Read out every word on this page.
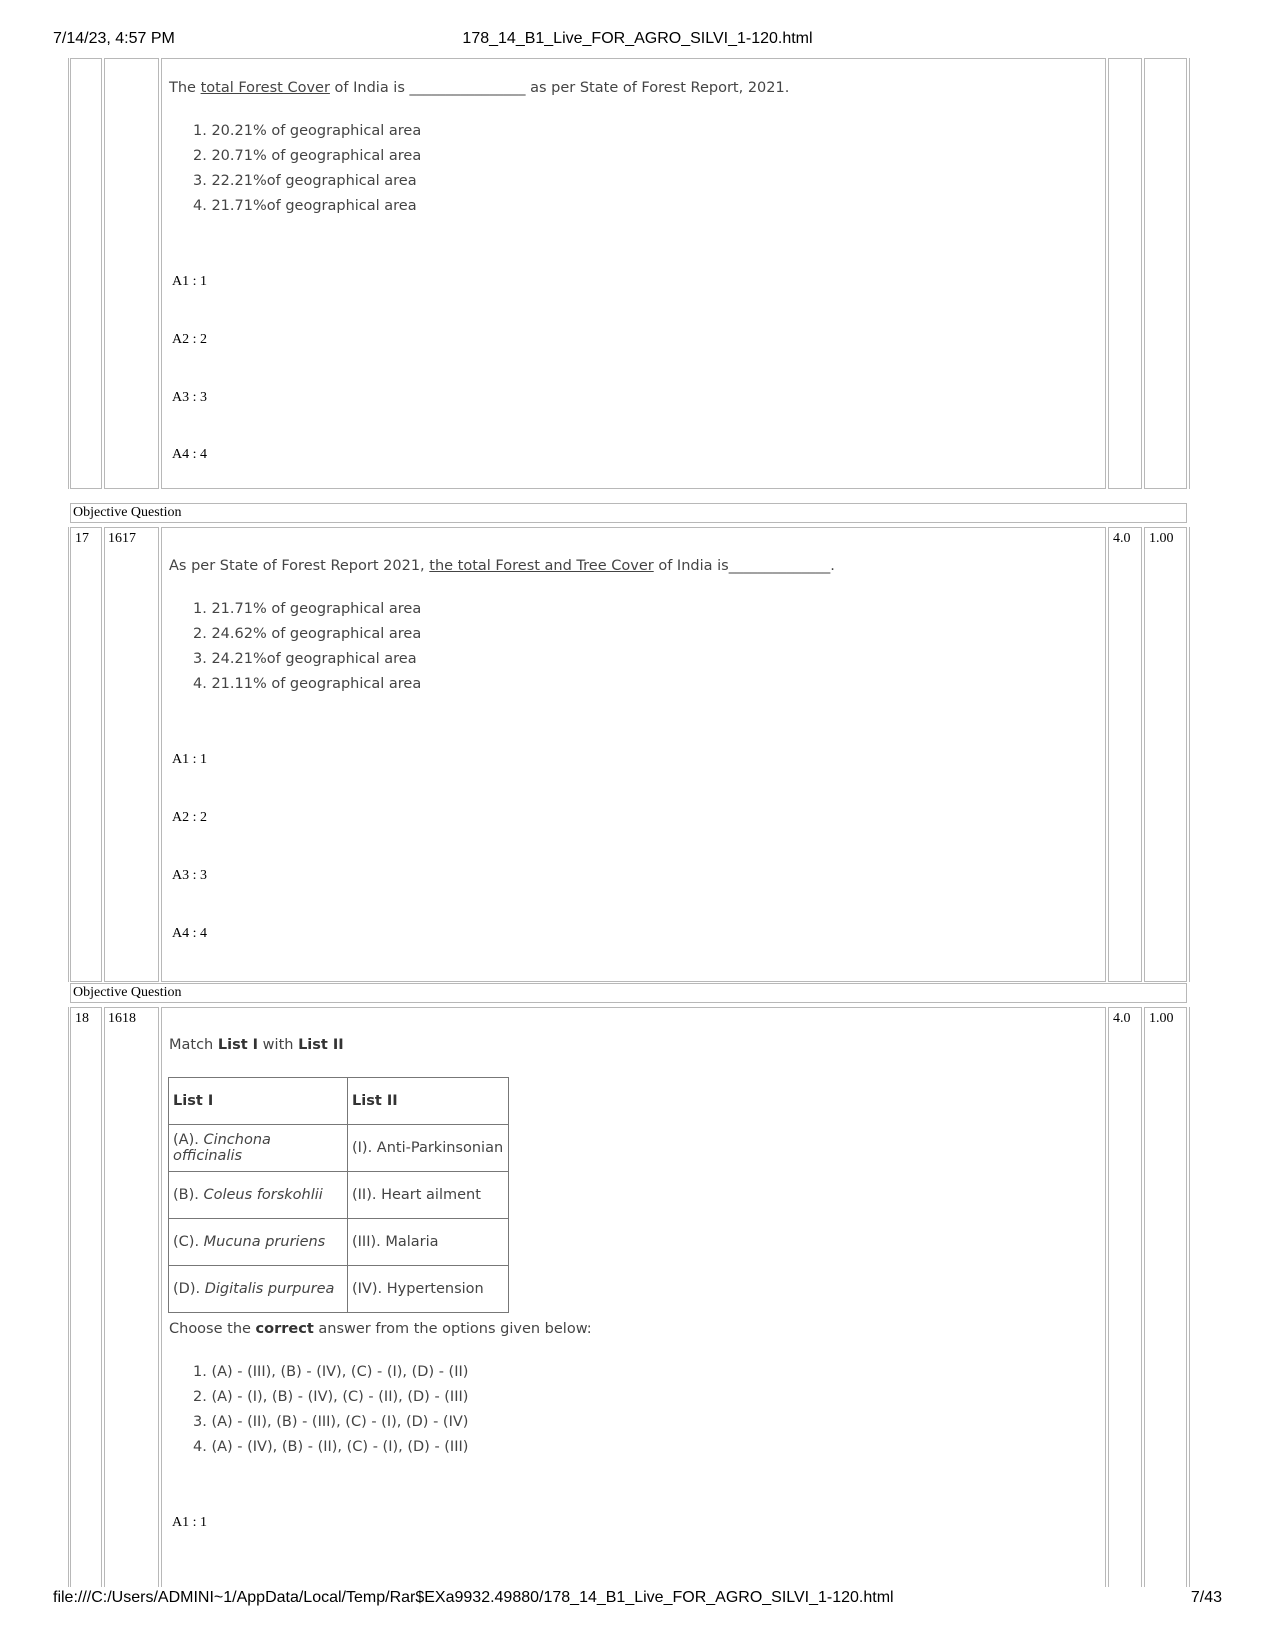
7/14/23, 4:57 PM	178_14_B1_Live_FOR_AGRO_SILVI_1-120.html
file:///C:/Users/ADMINI~1/AppData/Local/Temp/Rar$EXa9932.49880/178_14_B1_Live_FOR_AGRO_SILVI_1-120.html	7/43
The total Forest Cover of India is ________________ as per State of Forest Report, 2021.
1. 20.21% of geographical area
2. 20.71% of geographical area
3. 22.21%of geographical area
4. 21.71%of geographical area
A1 : 1
A2 : 2
A3 : 3
A4 : 4
Objective Question
17 1617	4.0 1.00
As per State of Forest Report 2021, the total Forest and Tree Cover of India is______________.
1. 21.71% of geographical area
2. 24.62% of geographical area
3. 24.21%of geographical area
4. 21.11% of geographical area
A1 : 1
A2 : 2
A3 : 3
A4 : 4
Objective Question
18 1618	4.0 1.00
Match List I with List II
List I	List II
(A). Cinchona officinalis	(I). Anti-Parkinsonian
(B). Coleus forskohlii	(II). Heart ailment
(C). Mucuna pruriens	(III). Malaria
(D). Digitalis purpurea	(IV). Hypertension
Choose the correct answer from the options given below:
1. (A) - (III), (B) - (IV), (C) - (I), (D) - (II)
2. (A) - (I), (B) - (IV), (C) - (II), (D) - (III)
3. (A) - (II), (B) - (III), (C) - (I), (D) - (IV)
4. (A) - (IV), (B) - (II), (C) - (I), (D) - (III)
A1 : 1
